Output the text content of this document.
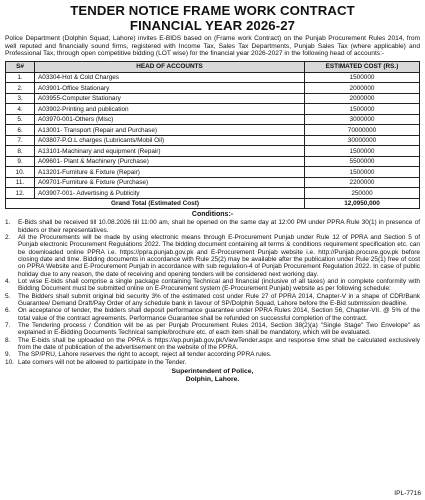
TENDER NOTICE FRAME WORK CONTRACT
FINANCIAL YEAR 2026-27
Police Department (Dolphin Squad, Lahore) invites E-BIDS based on (Frame work Contract) on the Punjab Procurement Rules 2014, from well reputed and financially sound firms, registered with Income Tax, Sales Tax Departments, Punjab Sales Tax (where applicable) and Professional Tax, through open competitive bidding (LOT wise) for the financial year 2026-2027 in the following head of accounts:-
S#	HEAD OF ACCOUNTS	ESTIMATED COST (RS.)
1.	A03304-Hot & Cold Charges	1500000
2.	A03901-Office Stationary	2000000
3.	A03955-Computer Stationary	2000000
4.	A03902-Printing and publication	1500000
5.	A03970-001-Others (Misc)	3000000
6.	A13001- Transport (Repair and Purchase)	70000000
7.	A03807-P.O.L charges (Lubricants/Mobil Oil)	30000000
8.	A13101-Machinary and equipment (Repair)	1500000
9.	A09601- Plant & Machinery (Purchase)	5500000
10.	A13201-Furniture & Fixture (Repair)	1500000
11.	A09701-Furniture & Fixture (Purchase)	2200000
12.	A03907-001- Advertising & Publicity	250000
Grand Total (Estimated Cost)		12,0950,000
Conditions:-
1.	E-Bids shall be received till 10.08.2026 till 11:00 am, shall be opened on the same day at 12:00 PM under PPRA Rule 30(1) in presence of bidders or their representatives.
2.	All the Procurements will be made by using electronic means through E-Procurement Punjab under Rule 12 of PPRA and Section 5 of Punjab electronic Procurement Regulations 2022. The bidding document containing all terms & conditions requirement specification etc. can be downloaded online PPRA i.e. https://ppra.punjab.gov.pk and E-Procurement Punjab website i.e. http://Punjab.procure.gov.pk before closing date and time. Bidding documents in accordance with Rule 25(2) may be available after the publication under Rule 25(1) free of cost on PPRA Website and E-Procurement Punjab in accordance with sub regulation-4 of Punjab Procurement Regulation 2022. In case of public holiday due to any reason, the date of receiving and opening tenders will be considered next working day.
4.	Lot wise E-bids shall comprise a single package containing Technical and financial (inclusive of all taxes) and in complete conformity with Bidding Document must be submitted online on E-Procurement system (E-Procurement Punjab) website as per following schedule:
5.	The Bidders shall submit original bid security 3% of the estimated cost under Rule 27 of PPRA 2014, Chapter-V in a shape of CDR/Bank Guarantee/ Demand Draft/Pay Order of any schedule bank in favour of SP/Dolphin Squad, Lahore before the E-Bid submission deadline.
6.	On acceptance of tender, the bidders shall deposit performance guarantee under PPRA Rules 2014, Section 56, Chapter-VII. @ 5% of the total value of the contract agreements. Performance Guarantee shall be refunded on successful completion of the contract.
7.	The Tendering process / Condition will be as per Punjab Procurement Rules 2014, Section 38(2)(a) "Single Stage" Two Envelope" as explained in E-Bidding Documents Technical sample/brochure etc. of each item shall be mandatory, which will be evaluated.
8.	The E-bids shall be uploaded on the PPRA is https://ep.punjab.gov.pk/ViewTender.aspx and response time shall be calculated exclusively from the date of publication of the advertisement on the website of the PPRA.
9.	The SP/PRU, Lahore reserves the right to accept, reject all tender according PPRA rules.
10. Late comers will not be allowed to participate in the Tender.
Superintendent of Police,
Dolphin, Lahore.
IPL-7716
